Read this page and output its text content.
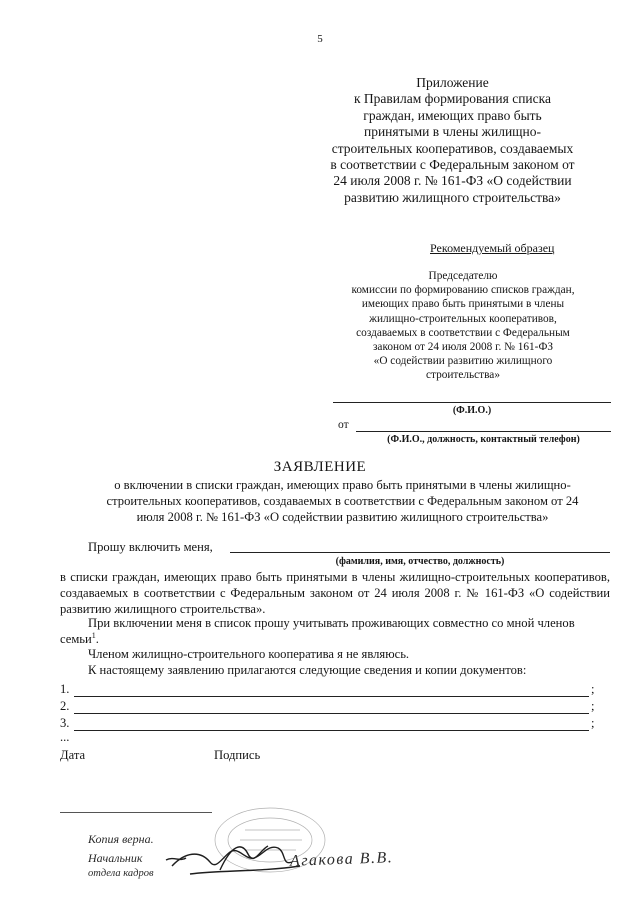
5
Приложение
к Правилам формирования списка
граждан, имеющих право быть
принятыми в члены жилищно-
строительных кооперативов, создаваемых
в соответствии с Федеральным законом от
24 июля 2008 г. № 161-ФЗ «О содействии
развитию жилищного строительства»
Рекомендуемый образец
Председателю
комиссии по формированию списков граждан,
имеющих право быть принятыми в члены
жилищно-строительных кооперативов,
создаваемых в соответствии с Федеральным
законом от 24 июля 2008 г. № 161-ФЗ
«О содействии развитию жилищного
строительства»
(Ф.И.О.)
от
(Ф.И.О., должность, контактный телефон)
ЗАЯВЛЕНИЕ
о включении в списки граждан, имеющих право быть принятыми в члены жилищно-
строительных кооперативов, создаваемых в соответствии с Федеральным законом от 24
июля 2008 г. № 161-ФЗ «О содействии развитию жилищного строительства»
Прошу включить меня,
(фамилия, имя, отчество, должность)
в списки граждан, имеющих право быть принятыми в члены жилищно-строительных кооперативов, создаваемых в соответствии с Федеральным законом от 24 июля 2008 г. № 161-ФЗ «О содействии развитию жилищного строительства».
При включении меня в список прошу учитывать проживающих совместно со мной членов
семьи$^1$.
Членом жилищно-строительного кооператива я не являюсь.
К настоящему заявлению прилагаются следующие сведения и копии документов:
1.	;
2.	;
3.	;
...
Дата	Подпись
Копия верна.
Начальник
отдела кадров
Агакова В.В.
